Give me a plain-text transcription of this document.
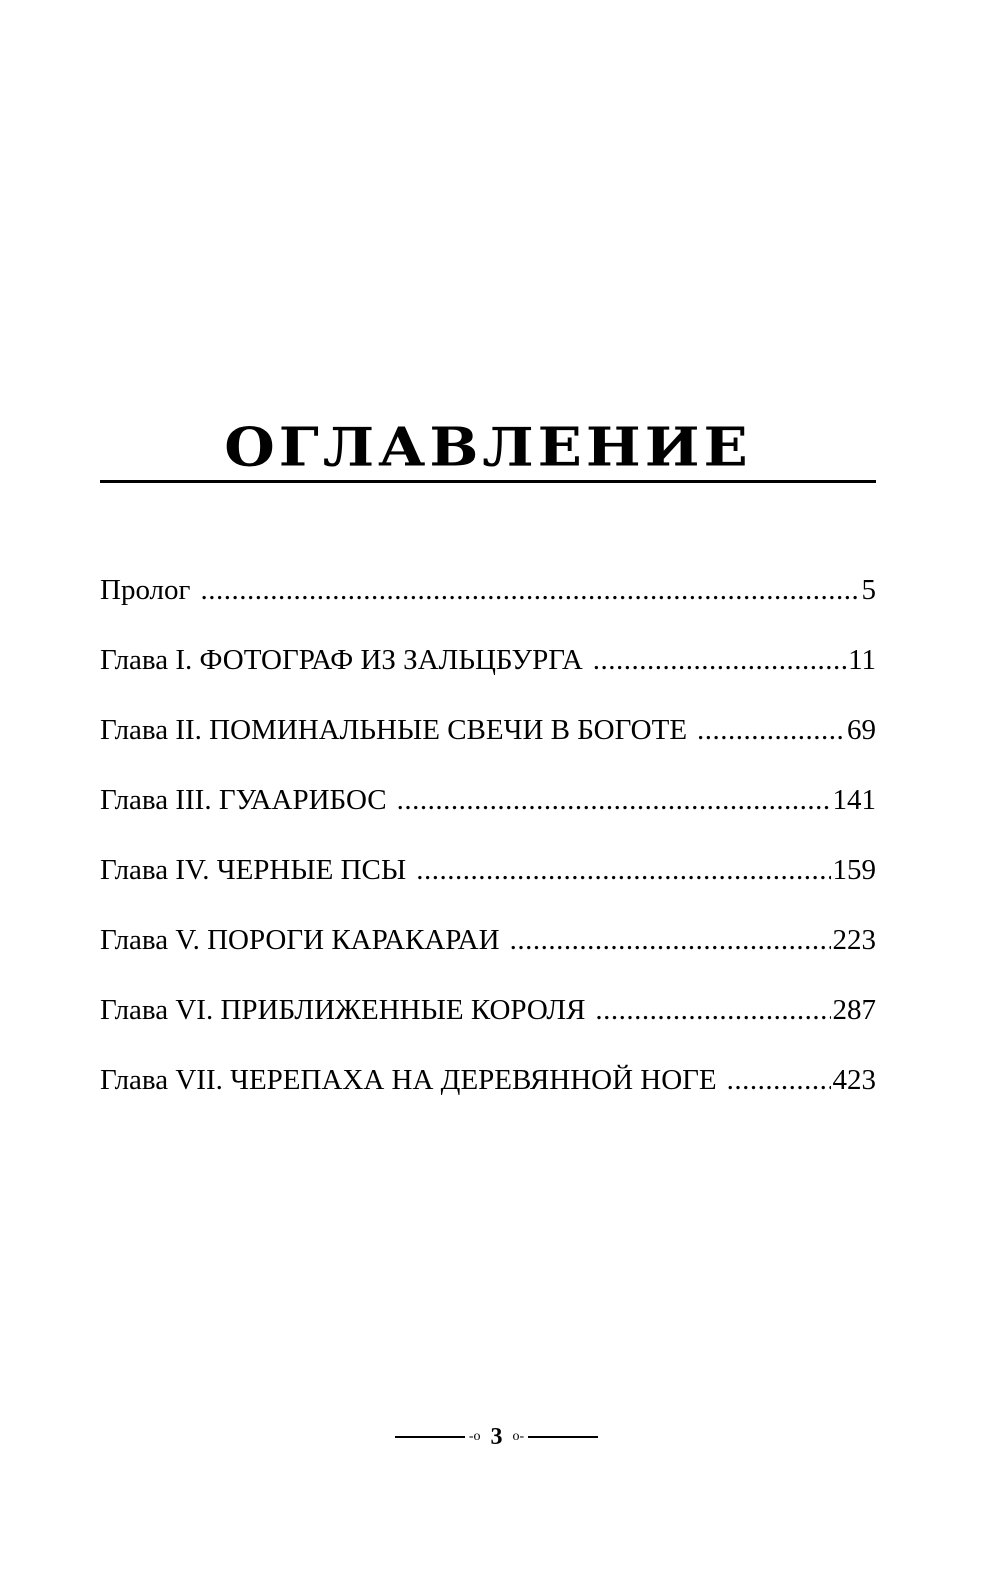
ОГЛАВЛЕНИЕ
Пролог .....	5
Глава I. ФОТОГРАФ ИЗ ЗАЛЬЦБУРГА .....	11
Глава II. ПОМИНАЛЬНЫЕ СВЕЧИ В БОГОТЕ .....	69
Глава III. ГУААРИБОС .....	141
Глава IV. ЧЕРНЫЕ ПСЫ .....	159
Глава V. ПОРОГИ КАРАКАРАИ .....	223
Глава VI. ПРИБЛИЖЕННЫЕ КОРОЛЯ .....	287
Глава VII. ЧЕРЕПАХА НА ДЕРЕВЯННОЙ НОГЕ .....	423
-o 3 o-
